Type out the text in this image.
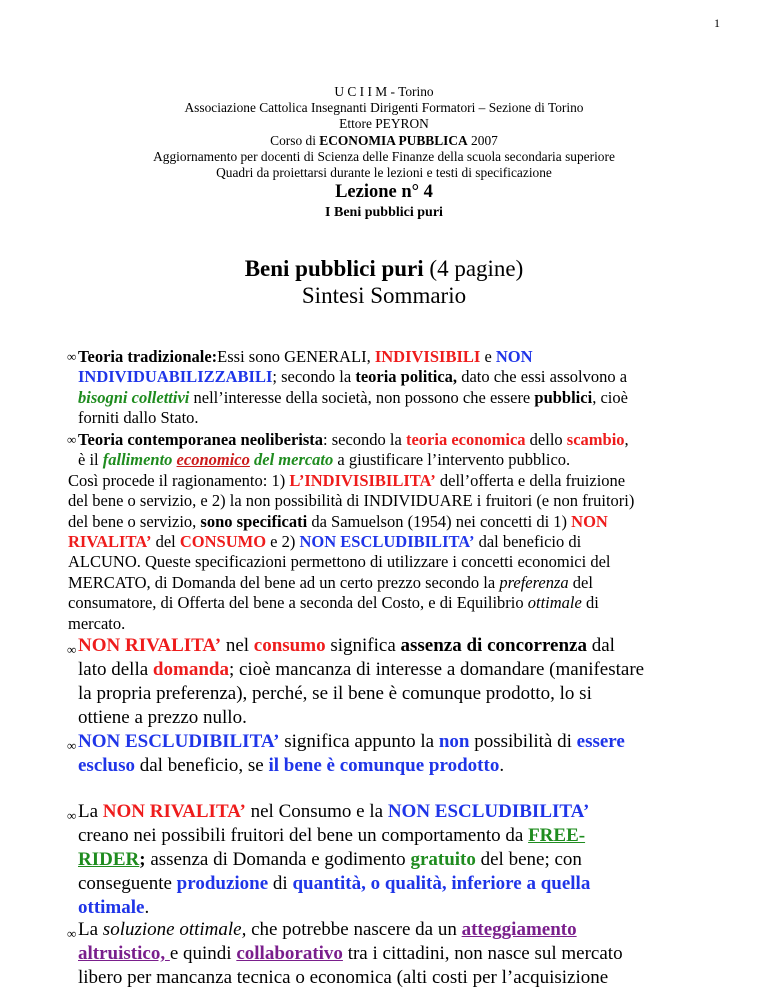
1
U C I I M - Torino
Associazione Cattolica Insegnanti Dirigenti Formatori – Sezione di Torino
Ettore PEYRON
Corso di ECONOMIA PUBBLICA 2007
Aggiornamento per docenti di Scienza delle Finanze della scuola secondaria superiore
Quadri da proiettarsi durante le lezioni e testi di specificazione
Lezione n° 4
I Beni pubblici puri
Beni pubblici puri (4 pagine)
Sintesi Sommario
∞ Teoria tradizionale:Essi sono GENERALI, INDIVISIBILI e NON
INDIVIDUABILIZZABILI; secondo la teoria politica, dato che essi assolvono a
bisogni collettivi nell’interesse della società, non possono che essere pubblici, cioè
forniti dallo Stato.
∞ Teoria contemporanea neoliberista: secondo la teoria economica dello scambio,
è il fallimento economico del mercato a giustificare l’intervento pubblico.
Così procede il ragionamento: 1) L’INDIVISIBILITA’ dell’offerta e della fruizione
del bene o servizio, e 2) la non possibilità di INDIVIDUARE i fruitori (e non fruitori)
del bene o servizio, sono specificati da Samuelson (1954) nei concetti di 1) NON
RIVALITA’ del CONSUMO e 2) NON ESCLUDIBILITA’ dal beneficio di
ALCUNO. Queste specificazioni permettono di utilizzare i concetti economici del
MERCATO, di Domanda del bene ad un certo prezzo secondo la preferenza del
consumatore, di Offerta del bene a seconda del Costo, e di Equilibrio ottimale di
mercato.
∞ NON RIVALITA’ nel consumo significa assenza di concorrenza dal
lato della domanda; cioè mancanza di interesse a domandare (manifestare
la propria preferenza), perché, se il bene è comunque prodotto, lo si
ottiene a prezzo nullo.
∞ NON ESCLUDIBILITA’ significa appunto la non possibilità di essere
escluso dal beneficio, se il bene è comunque prodotto.
∞ La NON RIVALITA’ nel Consumo e la NON ESCLUDIBILITA’
creano nei possibili fruitori del bene un comportamento da FREE-
RIDER; assenza di Domanda e godimento gratuito del bene; con
conseguente produzione di quantità, o qualità, inferiore a quella
ottimale.
∞ La soluzione ottimale, che potrebbe nascere da un atteggiamento
altruistico, e quindi collaborativo tra i cittadini, non nasce sul mercato
libero per mancanza tecnica o economica (alti costi per l’acquisizione
